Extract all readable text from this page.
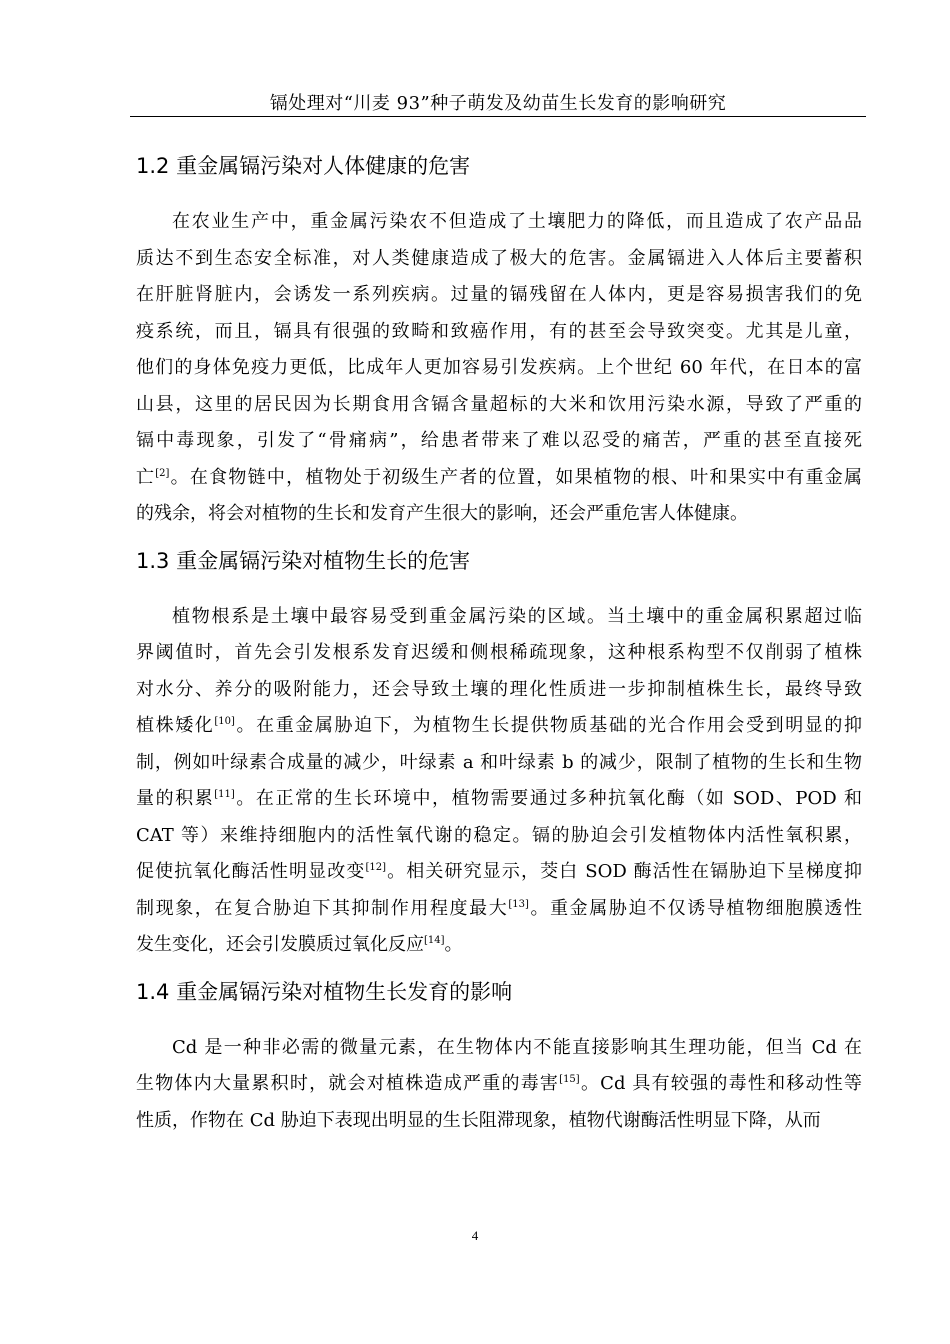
镉处理对“川麦 93”种子萌发及幼苗生长发育的影响研究
1.2 重金属镉污染对人体健康的危害

在农业生产中，重金属污染农不但造成了土壤肥力的降低，而且造成了农产品品
质达不到生态安全标准，对人类健康造成了极大的危害。金属镉进入人体后主要蓄积
在肝脏肾脏内，会诱发一系列疾病。过量的镉残留在人体内，更是容易损害我们的免
疫系统，而且，镉具有很强的致畸和致癌作用，有的甚至会导致突变。尤其是儿童，
他们的身体免疫力更低，比成年人更加容易引发疾病。上个世纪 60 年代，在日本的富
山县，这里的居民因为长期食用含镉含量超标的大米和饮用污染水源，导致了严重的
镉中毒现象，引发了“骨痛病”，给患者带来了难以忍受的痛苦，严重的甚至直接死
亡[2]。在食物链中，植物处于初级生产者的位置，如果植物的根、叶和果实中有重金属
的残余，将会对植物的生长和发育产生很大的影响，还会严重危害人体健康。

1.3 重金属镉污染对植物生长的危害

植物根系是土壤中最容易受到重金属污染的区域。当土壤中的重金属积累超过临
界阈值时，首先会引发根系发育迟缓和侧根稀疏现象，这种根系构型不仅削弱了植株
对水分、养分的吸附能力，还会导致土壤的理化性质进一步抑制植株生长，最终导致
植株矮化[10]。在重金属胁迫下，为植物生长提供物质基础的光合作用会受到明显的抑
制，例如叶绿素合成量的减少，叶绿素 a 和叶绿素 b 的减少，限制了植物的生长和生物
量的积累[11]。在正常的生长环境中，植物需要通过多种抗氧化酶（如 SOD、POD 和
CAT 等）来维持细胞内的活性氧代谢的稳定。镉的胁迫会引发植物体内活性氧积累，
促使抗氧化酶活性明显改变[12]。相关研究显示，茭白 SOD 酶活性在镉胁迫下呈梯度抑
制现象，在复合胁迫下其抑制作用程度最大[13]。重金属胁迫不仅诱导植物细胞膜透性
发生变化，还会引发膜质过氧化反应[14]。

1.4 重金属镉污染对植物生长发育的影响

Cd 是一种非必需的微量元素，在生物体内不能直接影响其生理功能，但当 Cd 在
生物体内大量累积时，就会对植株造成严重的毒害[15]。Cd 具有较强的毒性和移动性等
性质，作物在 Cd 胁迫下表现出明显的生长阻滞现象，植物代谢酶活性明显下降，从而

4
